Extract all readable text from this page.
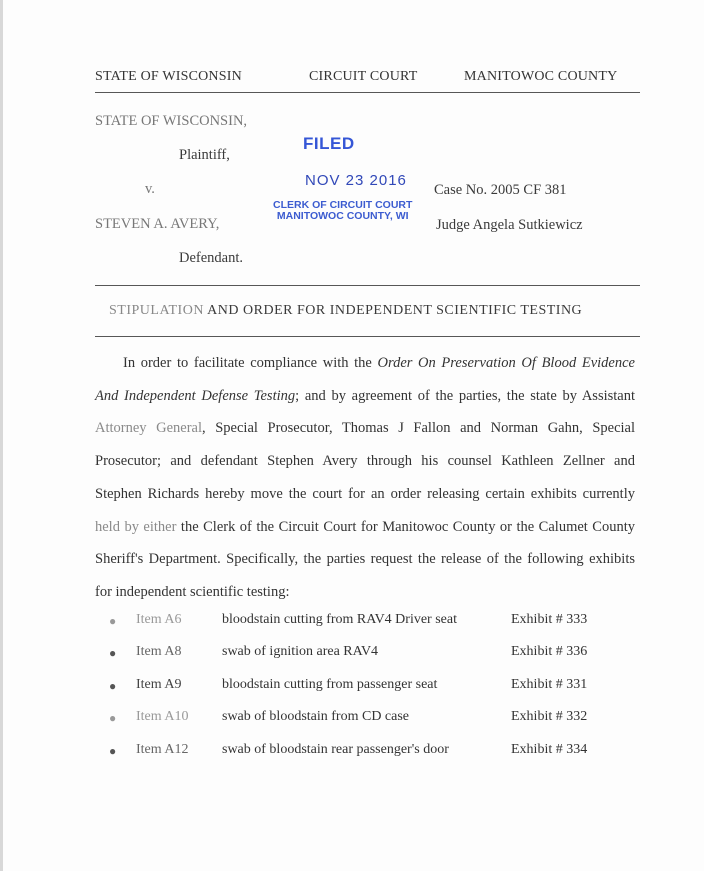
STATE OF WISCONSIN	CIRCUIT COURT	MANITOWOC COUNTY
STATE OF WISCONSIN,
Plaintiff,
v.
STEVEN A. AVERY,
Defendant.
Case No. 2005 CF 381
Judge Angela Sutkiewicz
FILED
NOV 23 2016
CLERK OF CIRCUIT COURT
MANITOWOC COUNTY, WI
STIPULATION AND ORDER FOR INDEPENDENT SCIENTIFIC TESTING
In order to facilitate compliance with the Order On Preservation Of Blood Evidence
And Independent Defense Testing; and by agreement of the parties, the state by Assistant
Attorney General, Special Prosecutor, Thomas J Fallon and Norman Gahn, Special
Prosecutor; and defendant Stephen Avery through his counsel Kathleen Zellner and
Stephen Richards hereby move the court for an order releasing certain exhibits currently
held by either the Clerk of the Circuit Court for Manitowoc County or the Calumet County
Sheriff's Department. Specifically, the parties request the release of the following exhibits
for independent scientific testing:
● Item A6	bloodstain cutting from RAV4 Driver seat	Exhibit # 333
● Item A8	swab of ignition area RAV4	Exhibit # 336
● Item A9	bloodstain cutting from passenger seat	Exhibit # 331
● Item A10 swab of bloodstain from CD case	Exhibit # 332
● Item A12 swab of bloodstain rear passenger's door	Exhibit # 334
